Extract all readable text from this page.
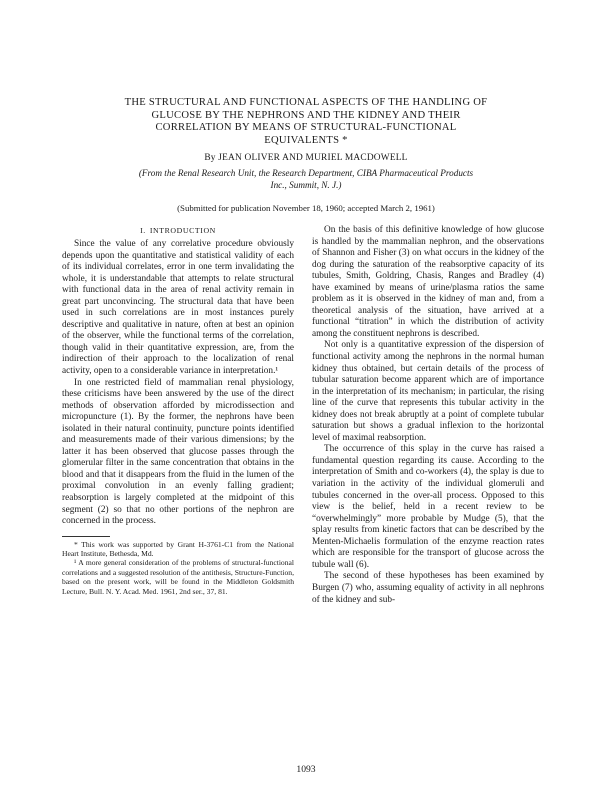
THE STRUCTURAL AND FUNCTIONAL ASPECTS OF THE HANDLING OF
GLUCOSE BY THE NEPHRONS AND THE KIDNEY AND THEIR
CORRELATION BY MEANS OF STRUCTURAL-FUNCTIONAL
EQUIVALENTS *
By JEAN OLIVER AND MURIEL MACDOWELL
(From the Renal Research Unit, the Research Department, CIBA Pharmaceutical Products
Inc., Summit, N. J.)
(Submitted for publication November 18, 1960; accepted March 2, 1961)
I. INTRODUCTION

Since the value of any correlative procedure obviously depends upon the quantitative and statistical validity of each of its individual correlates, error in one term invalidating the whole, it is understandable that attempts to relate structural with functional data in the area of renal activity remain in great part unconvincing. The structural data that have been used in such correlations are in most instances purely descriptive and qualitative in nature, often at best an opinion of the observer, while the functional terms of the correlation, though valid in their quantitative expression, are, from the indirection of their approach to the localization of renal activity, open to a considerable variance in interpretation.¹

In one restricted field of mammalian renal physiology, these criticisms have been answered by the use of the direct methods of observation afforded by microdissection and micropuncture (1). By the former, the nephrons have been isolated in their natural continuity, puncture points identified and measurements made of their various dimensions; by the latter it has been observed that glucose passes through the glomerular filter in the same concentration that obtains in the blood and that it disappears from the fluid in the lumen of the proximal convolution in an evenly falling gradient; reabsorption is largely completed at the midpoint of this segment (2) so that no other portions of the nephron are concerned in the process.

* This work was supported by Grant H-3761-C1 from the National Heart Institute, Bethesda, Md.

¹ A more general consideration of the problems of structural-functional correlations and a suggested resolution of the antithesis, Structure-Function, based on the present work, will be found in the Middleton Goldsmith Lecture, Bull. N. Y. Acad. Med. 1961, 2nd ser., 37, 81.

On the basis of this definitive knowledge of how glucose is handled by the mammalian nephron, and the observations of Shannon and Fisher (3) on what occurs in the kidney of the dog during the saturation of the reabsorptive capacity of its tubules, Smith, Goldring, Chasis, Ranges and Bradley (4) have examined by means of urine/plasma ratios the same problem as it is observed in the kidney of man and, from a theoretical analysis of the situation, have arrived at a functional “titration” in which the distribution of activity among the constituent nephrons is described.

Not only is a quantitative expression of the dispersion of functional activity among the nephrons in the normal human kidney thus obtained, but certain details of the process of tubular saturation become apparent which are of importance in the interpretation of its mechanism; in particular, the rising line of the curve that represents this tubular activity in the kidney does not break abruptly at a point of complete tubular saturation but shows a gradual inflexion to the horizontal level of maximal reabsorption.

The occurrence of this splay in the curve has raised a fundamental question regarding its cause. According to the interpretation of Smith and co-workers (4), the splay is due to variation in the activity of the individual glomeruli and tubules concerned in the over-all process. Opposed to this view is the belief, held in a recent review to be “overwhelmingly” more probable by Mudge (5), that the splay results from kinetic factors that can be described by the Menten-Michaelis formulation of the enzyme reaction rates which are responsible for the transport of glucose across the tubule wall (6).

The second of these hypotheses has been examined by Burgen (7) who, assuming equality of activity in all nephrons of the kidney and sub-

1093
